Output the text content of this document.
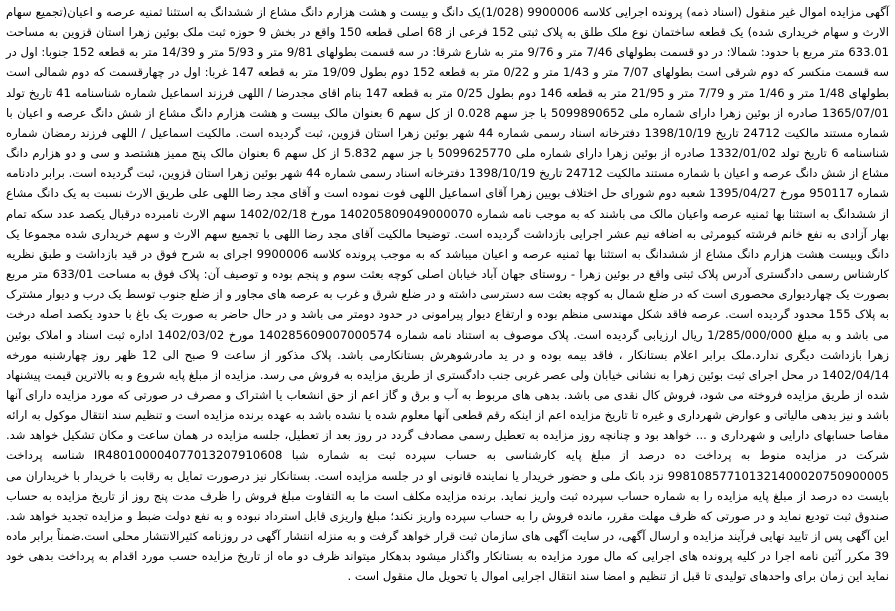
آگهی مزایده اموال غیر منقول (اسناد ذمه) پرونده اجرایی کلاسه 9900006 (1/028)یک دانگ و بیست و هشت هزارم دانگ مشاع از ششدانگ به استثنا ثمنیه عرصه و اعیان(تجمیع سهام الارث و سهام خریداری شده) یک قطعه ساختمان نوع ملک طلق به پلاک ثبتی 152 فرعی از 68 اصلی قطعه 150 واقع در بخش 9 حوزه ثبت ملک بوئین زهرا استان قزوین به مساحت 633.01 متر مربع با حدود: شمالا: در دو قسمت بطولهای 7/46 متر و 9/76 متر به شارع شرقا: در سه قسمت بطولهای 9/81 متر و 5/93 متر و 14/39 متر به قطعه 152 جنوبا: اول در سه قسمت منکسر که دوم شرقی است بطولهای 7/07 متر و 1/43 متر و 0/22 متر به قطعه 152 دوم بطول 19/09 متر به قطعه 147 غربا: اول در چهارقسمت که دوم شمالی است بطولهای 1/48 متر و 1/46 متر و 7/79 متر و 21/95 متر به قطعه 146 دوم بطول 0/25 متر به قطعه 147 بنام اقای مجدرضا / اللهی فرزند اسماعیل شماره شناسنامه 41 تاریخ تولد 1365/07/01 صادره از بوئین زهرا دارای شماره ملی 5099890652 با جز سهم 0.028 از کل سهم 6 بعنوان مالک بیست و هشت هزارم دانگ مشاع از شش دانگ عرصه و اعیان با شماره مستند مالکیت 24712 تاریخ 1398/10/19 دفترخانه اسناد رسمی شماره 44 شهر بوئین زهرا استان قزوین، ثبت گردیده است. مالکیت اسماعیل / اللهی فرزند رمضان شماره شناسنامه 6 تاریخ تولد 1332/01/02 صادره از بوئین زهرا دارای شماره ملی 5099625770 با جز سهم 5.832 از کل سهم 6 بعنوان مالک پنج ممیز هشتصد و سی و دو هزارم دانگ مشاع از شش دانگ عرصه و اعیان با شماره مستند مالکیت 24712 تاریخ 1398/10/19 دفترخانه اسناد رسمی شماره 44 شهر بوئین زهرا استان قزوین، ثبت گردیده است. برابر دادنامه شماره 950117 مورخ 1395/04/27 شعبه دوم شورای حل اختلاف بویین زهرا آقای اسماعیل اللهی فوت نموده است و آقای مجد رضا اللهی علی طریق الارث نسبت به یک دانگ مشاع از ششدانگ به استثنا بها ثمنیه عرصه واعیان مالک می باشند که به موجب نامه شماره 140205809049000070 مورخ 1402/02/18 سهم الارث نامبرده درقبال یکصد عدد سکه تمام بهار آزادی به نفع خانم فرشته کیومرثی به اضافه نیم عشر اجرایی بازداشت گردیده است. توضیحا مالکیت آقای مجد رضا اللهی با تجمیع سهم الارث و سهم خریداری شده مجموعا یک دانگ وبیست هشت هزارم دانگ مشاع از ششدانگ به استثنا بها ثمنیه عرصه و اعیان میباشد که به موجب پرونده کلاسه 9900006 اجرای به شرح فوق در قید بازداشت و طبق نظریه کارشناس رسمی دادگستری آدرس پلاک ثبتی واقع در بوئین زهرا - روستای جهان آباد خیابان اصلی کوچه بعثت سوم و پنجم بوده و توصیف آن: پلاک فوق به مساحت 633/01 متر مربع بصورت یک چهاردیواری محصوری است که در ضلع شمال به کوچه بعثت سه دسترسی داشته و در ضلع شرق و غرب به عرصه های مجاور و از ضلع جنوب توسط یک درب و دیوار مشترک به پلاک 155 محدود گردیده است. عرصه فاقد شکل مهندسی منظم بوده و ارتفاع دیوار پیرامونی در حدود دومتر می باشد و در حال حاضر به صورت یک باغ با حدود یکصد اصله درخت می باشد و به مبلغ 1/285/000/000 ریال ارزیابی گردیده است. پلاک موصوف به استناد نامه شماره 140285609007000574 مورخ 1402/03/02 اداره ثبت اسناد و املاک بوئین زهرا بازداشت دیگری ندارد.ملک برابر اعلام بستانکار ، فاقد بیمه بوده و در ید مادرشوهرش بستانکارمی باشد. پلاک مذکور از ساعت 9 صبح الی 12 ظهر روز چهارشنبه مورخه 1402/04/14 در محل اجرای ثبت بوئین زهرا به نشانی خیابان ولی عصر غربی جنب دادگستری از طریق مزایده به فروش می رسد. مزایده از مبلغ پایه شروع و به بالاترین قیمت پیشنهاد شده از طریق مزایده فروخته می شود، فروش کال نقدی می باشد. بدهی های مربوط به آب و برق و گاز اعم از حق انشعاب یا اشتراک و مصرف در صورتی که مورد مزایده دارای آنها باشد و نیز بدهی مالیاتی و عوارض شهرداری و غیره تا تاریخ مزایده اعم از اینکه رقم قطعی آنها معلوم شده یا نشده باشد به عهده برنده مزایده است و تنظیم سند انتقال موکول به ارائه مفاصا حسابهای دارایی و شهرداری و ... خواهد بود و چنانچه روز مزایده به تعطیل رسمی مصادف گردد در روز بعد از تعطیل، جلسه مزایده در همان ساعت و مکان تشکیل خواهد شد. شرکت در مزایده منوط به پرداخت ده درصد از مبلغ پایه کارشناسی به حساب سپرده ثبت به شماره شبا IR480100004077013207910608 شناسه پرداخت 998108577101321400020750900005 نزد بانک ملی و حضور خریدار یا نماینده قانونی او در جلسه مزایده است. بستانکار نیز درصورت تمایل به رقابت با خریدار با خریداران می بایست ده درصد از مبلغ پایه مزایده را به شماره حساب سپرده ثبت واریز نماید. برنده مزایده مکلف است ما به التفاوت مبلغ فروش را ظرف مدت پنج روز از تاریخ مزایده به حساب صندوق ثبت تودیع نماید و در صورتی که ظرف مهلت مقرر، مانده فروش را به حساب سپرده واریز نکند؛ مبلغ واریزی قابل استرداد نبوده و به نفع دولت ضبط و مزایده تجدید خواهد شد. این آگهی پس از تایید نهایی فرآیند مزایده و ارسال آگهی، در سایت آگهی های سازمان ثبت قرار خواهد گرفت و به منزله انتشار آگهی در روزنامه کثیرالانتشار محلی است.ضمناً برابر ماده 39 مکرر آئین نامه اجرا در کلیه پرونده های اجرایی که مال مورد مزایده به بستانکار واگذار میشود بدهکار میتواند ظرف دو ماه از تاریخ مزایده حسب مورد اقدام به پرداخت بدهی خود نماید این زمان برای واحدهای تولیدی تا قبل از تنظیم و امضا سند انتقال اجرایی اموال یا تحویل مال منقول است .
